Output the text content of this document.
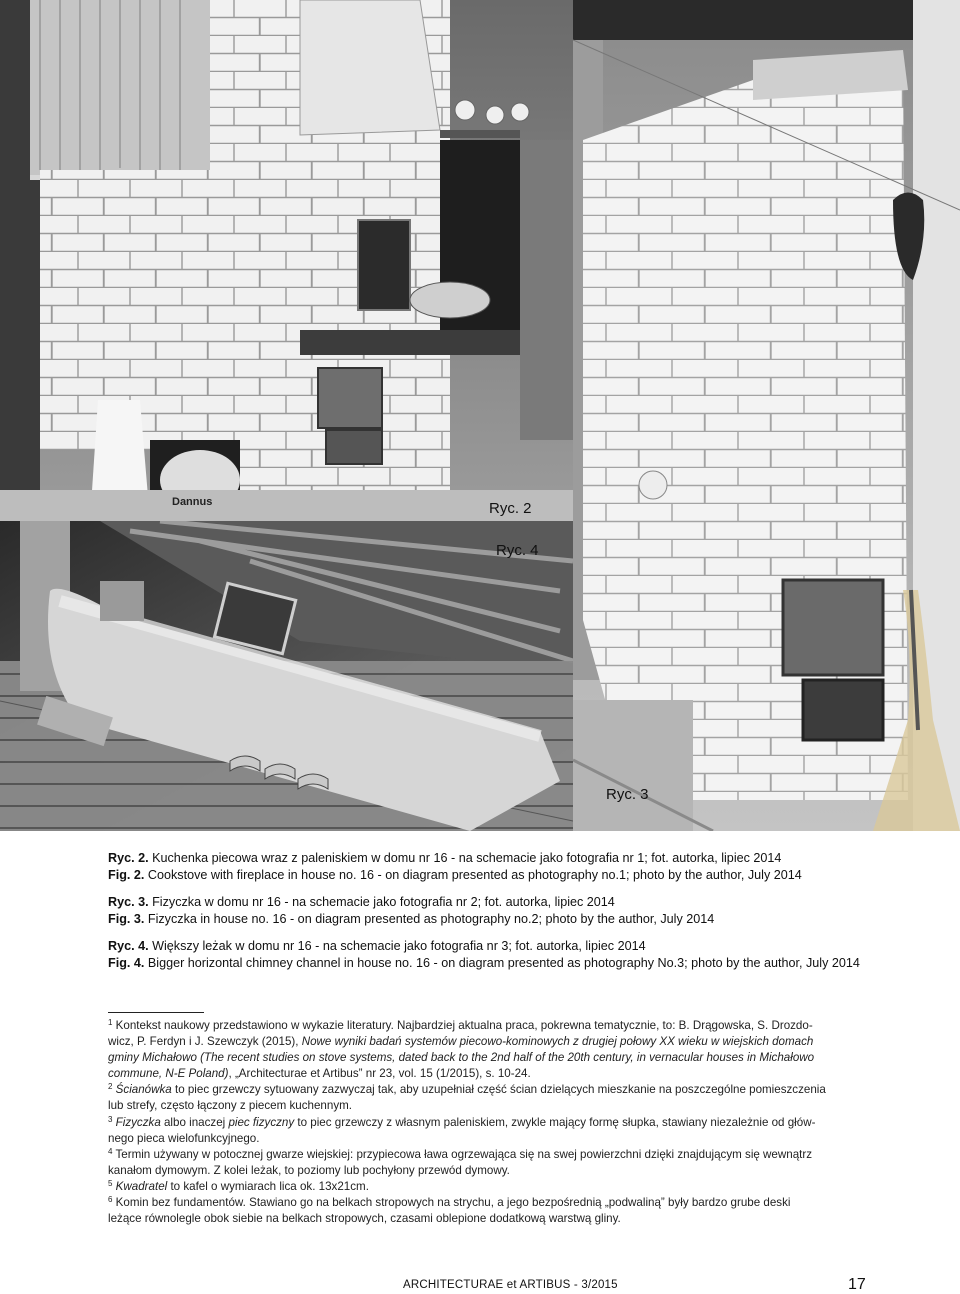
Dannus	Ryc. 2
Ryc. 4
Ryc. 3
Ryc. 2. Kuchenka piecowa wraz z paleniskiem w domu nr 16 - na schemacie jako fotografia nr 1; fot. autorka, lipiec 2014
Fig. 2. Cookstove with fireplace in house no. 16 - on diagram presented as photography no.1; photo by the author, July 2014
Ryc. 3. Fizyczka w domu nr 16 - na schemacie jako fotografia nr 2; fot. autorka, lipiec 2014
Fig. 3. Fizyczka in house no. 16 - on diagram presented as photography no.2; photo by the author, July 2014
Ryc. 4. Większy leżak w domu nr 16 - na schemacie jako fotografia nr 3; fot. autorka, lipiec 2014
Fig. 4. Bigger horizontal chimney channel in house no. 16 - on diagram presented as photography No.3; photo by the author, July 2014
$^1$ Kontekst naukowy przedstawiono w wykazie literatury. Najbardziej aktualna praca, pokrewna tematycznie, to: B. Drągowska, S. Drozdo-
wicz, P. Ferdyn i J. Szewczyk (2015), Nowe wyniki badań systemów piecowo-kominowych z drugiej połowy XX wieku w wiejskich domach
gminy Michałowo (The recent studies on stove systems, dated back to the 2nd half of the 20th century, in vernacular houses in Michałowo
commune, N-E Poland), „Architecturae et Artibus” nr 23, vol. 15 (1/2015), s. 10-24.
$^2$ Ścianówka to piec grzewczy sytuowany zazwyczaj tak, aby uzupełniał część ścian dzielących mieszkanie na poszczególne pomieszczenia
lub strefy, często łączony z piecem kuchennym.
$^3$ Fizyczka albo inaczej piec fizyczny to piec grzewczy z własnym paleniskiem, zwykle mający formę słupka, stawiany niezależnie od głów-
nego pieca wielofunkcyjnego.
$^4$ Termin używany w potocznej gwarze wiejskiej: przypiecowa ława ogrzewająca się na swej powierzchni dzięki znajdującym się wewnątrz
kanałom dymowym. Z kolei leżak, to poziomy lub pochyłony przewód dymowy.
$^5$ Kwadratel to kafel o wymiarach lica ok. 13x21cm.
$^6$ Komin bez fundamentów. Stawiano go na belkach stropowych na strychu, a jego bezpośrednią „podwaliną” były bardzo grube deski
leżące równolegle obok siebie na belkach stropowych, czasami oblepione dodatkową warstwą gliny.
ARCHITECTURAE et ARTIBUS - 3/2015	17
